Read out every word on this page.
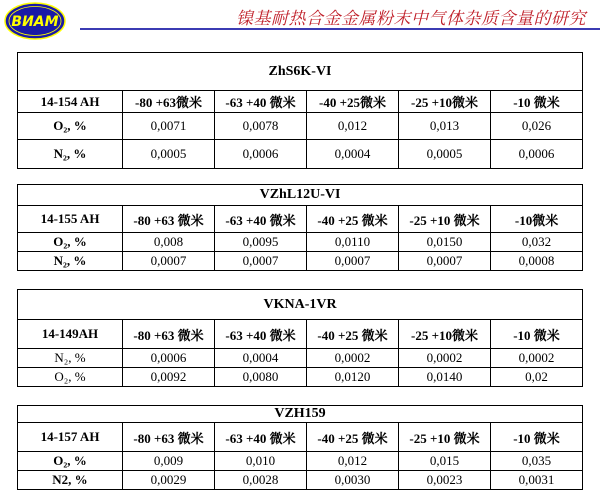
ВИАМ	镍基耐热合金金属粉末中气体杂质含量的研究
ZhS6K-VI					
14-154 AH	-80 +63微米	-63 +40 微米	-40 +25微米	-25 +10微米	-10 微米
O₂, %	0,0071	0,0078	0,012	0,013	0,026
N₂, %	0,0005	0,0006	0,0004	0,0005	0,0006
VZhL12U-VI					
14-155 AH	-80 +63 微米	-63 +40 微米	-40 +25 微米	-25 +10 微米	-10微米
O₂, %	0,008	0,0095	0,0110	0,0150	0,032
N₂, %	0,0007	0,0007	0,0007	0,0007	0,0008
VKNA-1VR					
14-149AH	-80 +63 微米	-63 +40 微米	-40 +25 微米	-25 +10微米	-10 微米
N₂, %	0,0006	0,0004	0,0002	0,0002	0,0002
O₂, %	0,0092	0,0080	0,0120	0,0140	0,02
VZH159					
14-157 AH	-80 +63 微米	-63 +40 微米	-40 +25 微米	-25 +10 微米	-10 微米
O₂, %	0,009	0,010	0,012	0,015	0,035
N2, %	0,0029	0,0028	0,0030	0,0023	0,0031
